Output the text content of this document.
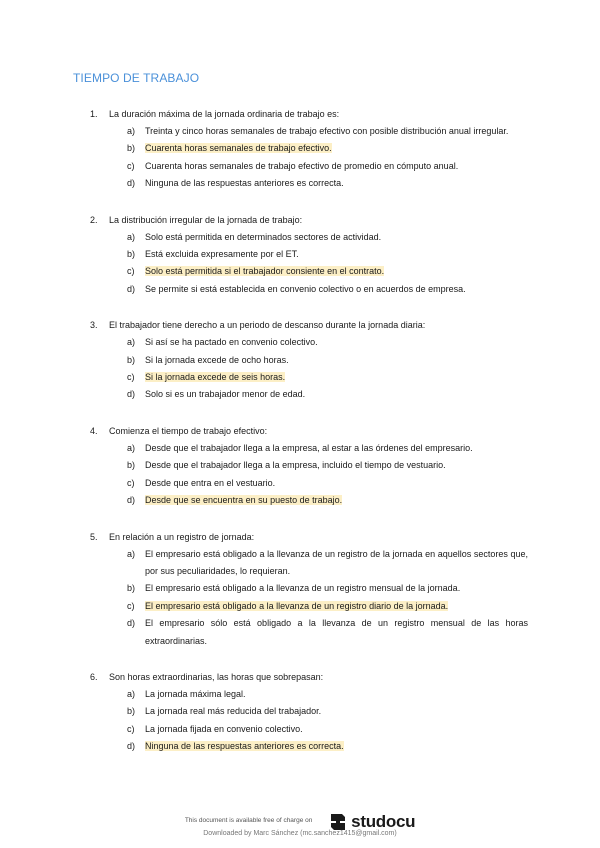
TIEMPO DE TRABAJO
1. La duración máxima de la jornada ordinaria de trabajo es:
a) Treinta y cinco horas semanales de trabajo efectivo con posible distribución anual irregular.
b) Cuarenta horas semanales de trabajo efectivo.
c) Cuarenta horas semanales de trabajo efectivo de promedio en cómputo anual.
d) Ninguna de las respuestas anteriores es correcta.
2. La distribución irregular de la jornada de trabajo:
a) Solo está permitida en determinados sectores de actividad.
b) Está excluida expresamente por el ET.
c) Solo está permitida si el trabajador consiente en el contrato.
d) Se permite si está establecida en convenio colectivo o en acuerdos de empresa.
3. El trabajador tiene derecho a un periodo de descanso durante la jornada diaria:
a) Si así se ha pactado en convenio colectivo.
b) Si la jornada excede de ocho horas.
c) Si la jornada excede de seis horas.
d) Solo si es un trabajador menor de edad.
4. Comienza el tiempo de trabajo efectivo:
a) Desde que el trabajador llega a la empresa, al estar a las órdenes del empresario.
b) Desde que el trabajador llega a la empresa, incluido el tiempo de vestuario.
c) Desde que entra en el vestuario.
d) Desde que se encuentra en su puesto de trabajo.
5. En relación a un registro de jornada:
a) El empresario está obligado a la llevanza de un registro de la jornada en aquellos sectores que, por sus peculiaridades, lo requieran.
b) El empresario está obligado a la llevanza de un registro mensual de la jornada.
c) El empresario está obligado a la llevanza de un registro diario de la jornada.
d) El empresario sólo está obligado a la llevanza de un registro mensual de las horas extraordinarias.
6. Son horas extraordinarias, las horas que sobrepasan:
a) La jornada máxima legal.
b) La jornada real más reducida del trabajador.
c) La jornada fijada en convenio colectivo.
d) Ninguna de las respuestas anteriores es correcta.
This document is available free of charge on studocu
Downloaded by Marc Sánchez (mc.sanchez1415@gmail.com)
